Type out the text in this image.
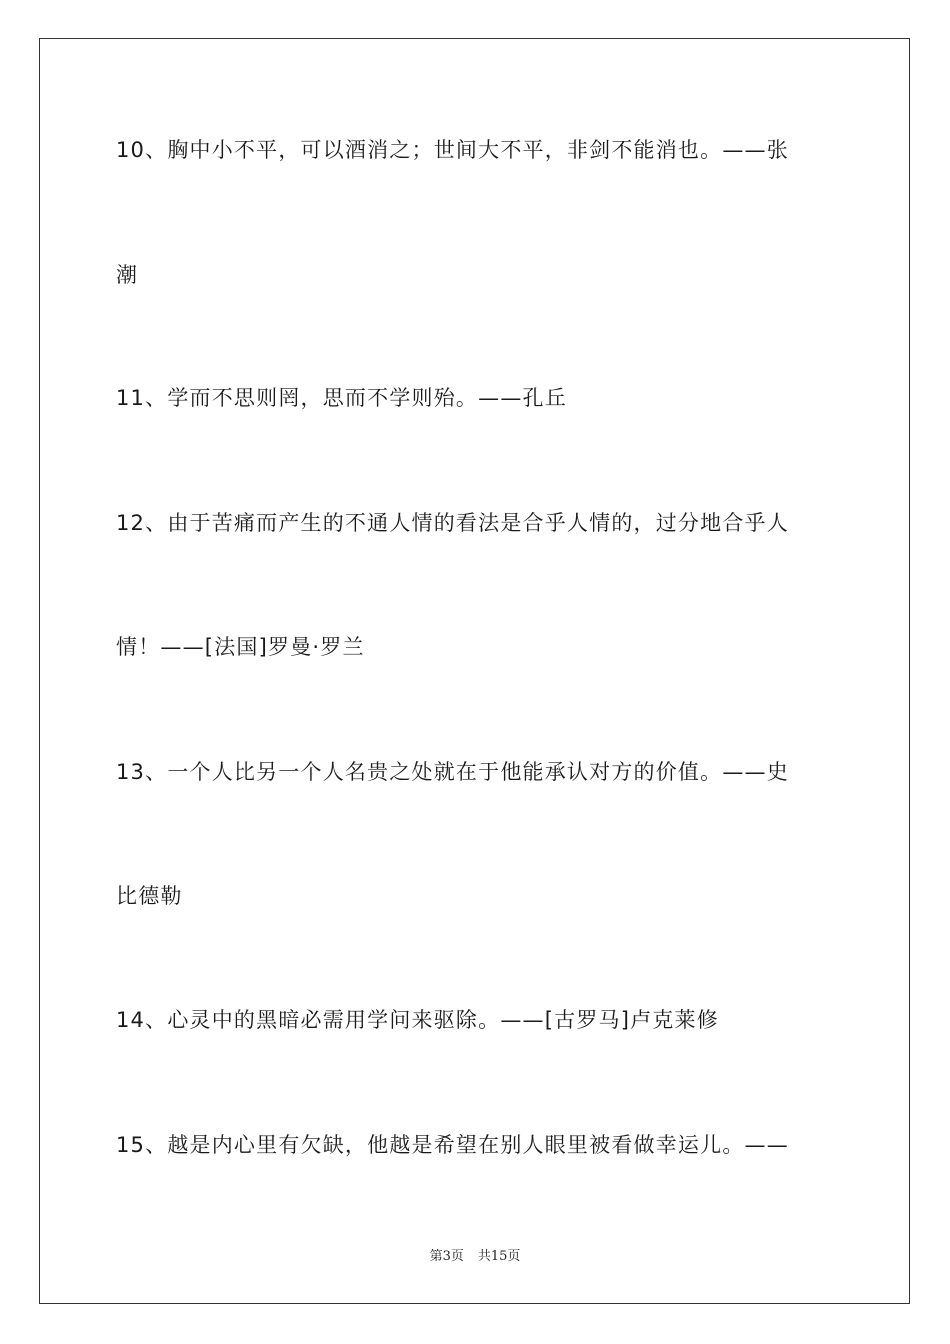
10、胸中小不平，可以酒消之；世间大不平，非剑不能消也。——张
潮
11、学而不思则罔，思而不学则殆。——孔丘
12、由于苦痛而产生的不通人情的看法是合乎人情的，过分地合乎人
情！——[法国]罗曼·罗兰
13、一个人比另一个人名贵之处就在于他能承认对方的价值。——史
比德勒
14、心灵中的黑暗必需用学问来驱除。——[古罗马]卢克莱修
15、越是内心里有欠缺，他越是希望在别人眼里被看做幸运儿。——
第3页 共15页
